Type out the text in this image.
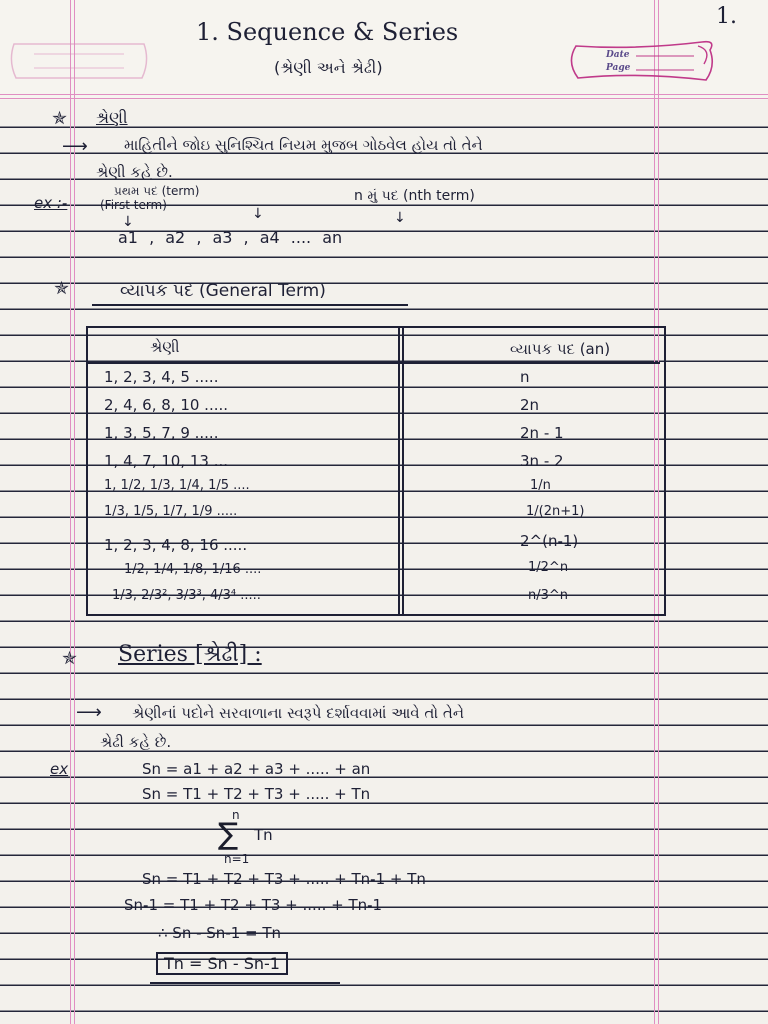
Date
Page
1. Sequence & Series
(શ્રેણી અને શ્રેઢી)
1.
✯ શ્રેણી
⟶ માહિતીને જોઇ સુનિશ્ચિત નિયમ મુજબ ગોઠવેલ હોય તો તેને
શ્રેણી કહે છે.
ex :-
પ્રથમ પદ (term)
(First term)
n મું પદ (nth term)
↓	↓	↓
a1 , a2 , a3 , a4 .... an
✯	વ્યાપક પદ (General Term)
શ્રેણી	વ્યાપક પદ (an)
1, 2, 3, 4, 5 .....	n
2, 4, 6, 8, 10 .....	2n
1, 3, 5, 7, 9 .....	2n - 1
1, 4, 7, 10, 13 ...	3n - 2
1, 1/2, 1/3, 1/4, 1/5 ....	1/n
1/3, 1/5, 1/7, 1/9 .....	1/(2n+1)
1, 2, 3, 4, 8, 16 .....	2^(n-1)
1/2, 1/4, 1/8, 1/16 ....	1/2^n
1/3, 2/3², 3/3³, 4/3⁴ .....	n/3^n
✯ Series [શ્રેઢી] :
⟶ શ્રેણીનાં પદોને સરવાળાના સ્વરૂપે દર્શાવવામાં આવે તો તેને
શ્રેઢી કહે છે.
ex	Sn = a1 + a2 + a3 + ..... + an
Sn = T1 + T2 + T3 + ..... + Tn
n
∑ Tn
n=1
Sn = T1 + T2 + T3 + ..... + Tn-1 + Tn
Sn-1 = T1 + T2 + T3 + ..... + Tn-1
∴ Sn - Sn-1 = Tn
Tn = Sn - Sn-1
